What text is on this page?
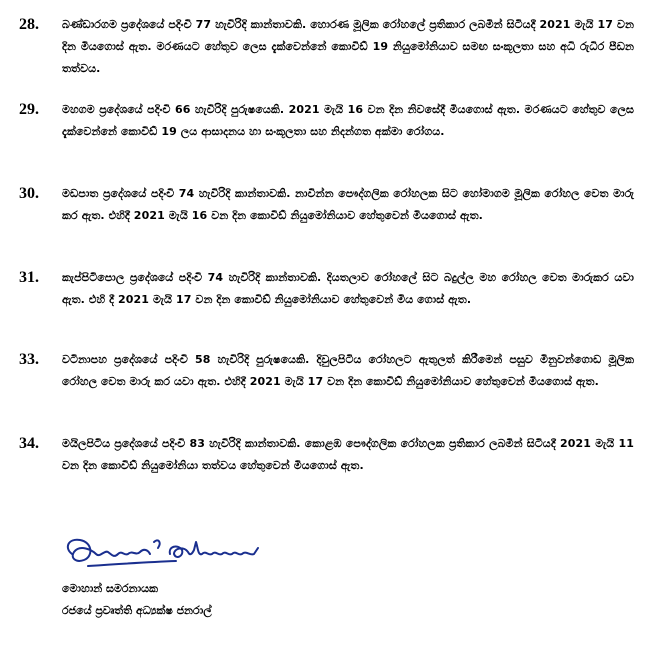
28. බණ්ඩාරගම ප්‍රදේශයේ පදිංචි 77 හැවිරිදි කාන්තාවකි. හොරණ මූලික රෝහලේ ප්‍රතිකාර ලබමින් සිටියදී 2021 මැයි 17 වන දින මියගොස් ඇත. මරණයට හේතුව ලෙස දැක්වෙන්නේ කොවිඩ් 19 නියුමෝනියාව සමඟ සංකූලතා සහ අධි රුධිර පීඩන තත්වය.
29. මහගම ප්‍රදේශයේ පදිංචි 66 හැවිරිදි පුරුෂයෙකි. 2021 මැයි 16 වන දින නිවසේදී මියගොස් ඇත. මරණයට හේතුව ලෙස දැක්වෙන්නේ කොවිඩ් 19 ලය ආසාදනය හා සංකූලතා සහ නිදන්ගත අක්මා රෝගය.
30. මඩපාත ප්‍රදේශයේ පදිංචි 74 හැවිරිදි කාන්තාවකි. නාවින්න පෞද්ගලික රෝහලක සිට හෝමාගම මූලික රෝහල වෙත මාරු කර ඇත. එහිදී 2021 මැයි 16 වන දින කොවිඩ් නියුමෝනියාව හේතුවෙන් මියගොස් ඇත.
31. කැප්පිටිපොල ප්‍රදේශයේ පදිංචි 74 හැවිරිදි කාන්තාවකි. දියතලාව රෝහලේ සිට බදුල්ල මහ රෝහල වෙත මාරුකර යවා ඇත. එහි දී 2021 මැයි 17 වන දින කොවිඩ් නියුමෝනියාව හේතුවෙන් මිය ගොස් ඇත.
33. වටිනාපහ ප්‍රදේශයේ පදිංචි 58 හැවිරිදි පුරුෂයෙකි. දිවුලපිටිය රෝහලට ඇතුලත් කිරීමෙන් පසුව මිනුවන්ගොඩ මූලික රෝහල වෙත මාරු කර යවා ඇත. එහිදී 2021 මැයි 17 වන දින කොවිඩ් නියුමෝනියාව හේතුවෙන් මියගොස් ඇත.
34. මයිලපිටිය ප්‍රදේශයේ පදිංචි 83 හැවිරිදි කාන්තාවකි. කොළඹ පෞද්ගලික රෝහලක ප්‍රතිකාර ලබමින් සිටියදී 2021 මැයි 11 වන දින කොවිඩ් නියුමෝනියා තත්වය හේතුවෙන් මියගොස් ඇත.
මොහාන් සමරනායක
රජයේ ප්‍රවෘත්ති අධ්‍යක්ෂ ජනරාල්
